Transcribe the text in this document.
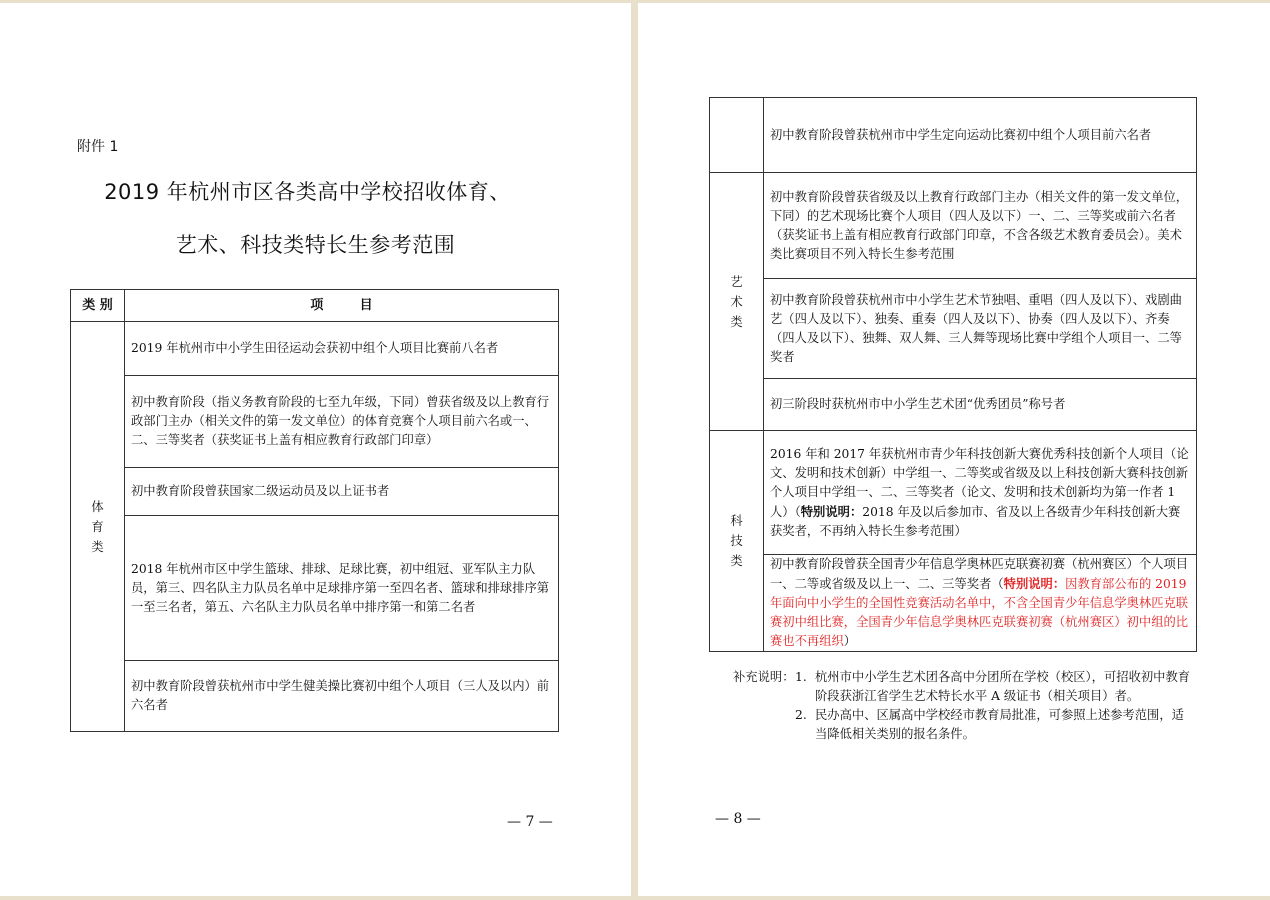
附件 1
2019 年杭州市区各类高中学校招收体育、
艺术、科技类特长生参考范围
类 别	项        目

体
育
类	2019 年杭州市中小学生田径运动会获初中组个人项目比赛前八名者
	初中教育阶段（指义务教育阶段的七至九年级，下同）曾获省级及以上教育行政部门主办（相关文件的第一发文单位）的体育竞赛个人项目前六名或一、二、三等奖者（获奖证书上盖有相应教育行政部门印章）
	初中教育阶段曾获国家二级运动员及以上证书者
	2018 年杭州市区中学生篮球、排球、足球比赛，初中组冠、亚军队主力队员，第三、四名队主力队员名单中足球排序第一至四名者、篮球和排球排序第一至三名者，第五、六名队主力队员名单中排序第一和第二名者
	初中教育阶段曾获杭州市中学生健美操比赛初中组个人项目（三人及以内）前六名者
— 7 —
	初中教育阶段曾获杭州市中学生定向运动比赛初中组个人项目前六名者

艺
术
类	初中教育阶段曾获省级及以上教育行政部门主办（相关文件的第一发文单位，下同）的艺术现场比赛个人项目（四人及以下）一、二、三等奖或前六名者（获奖证书上盖有相应教育行政部门印章，不含各级艺术教育委员会）。美术类比赛项目不列入特长生参考范围
	初中教育阶段曾获杭州市中小学生艺术节独唱、重唱（四人及以下）、戏剧曲艺（四人及以下）、独奏、重奏（四人及以下）、协奏（四人及以下）、齐奏（四人及以下）、独舞、双人舞、三人舞等现场比赛中学组个人项目一、二等奖者
	初三阶段时获杭州市中小学生艺术团“优秀团员”称号者

科
技
类	2016 年和 2017 年获杭州市青少年科技创新大赛优秀科技创新个人项目（论文、发明和技术创新）中学组一、二等奖或省级及以上科技创新大赛科技创新个人项目中学组一、二、三等奖者（论文、发明和技术创新均为第一作者 1 人）（特别说明：2018 年及以后参加市、省及以上各级青少年科技创新大赛获奖者，不再纳入特长生参考范围）
	初中教育阶段曾获全国青少年信息学奥林匹克联赛初赛（杭州赛区）个人项目一、二等或省级及以上一、二、三等奖者（特别说明：因教育部公布的 2019 年面向中小学生的全国性竞赛活动名单中，不含全国青少年信息学奥林匹克联赛初中组比赛，全国青少年信息学奥林匹克联赛初赛（杭州赛区）初中组的比赛也不再组织）
补充说明： 1. 杭州市中小学生艺术团各高中分团所在学校（校区），可招收初中教育阶段获浙江省学生艺术特长水平 A 级证书（相关项目）者。
2. 民办高中、区属高中学校经市教育局批准，可参照上述参考范围，适当降低相关类别的报名条件。
— 8 —
